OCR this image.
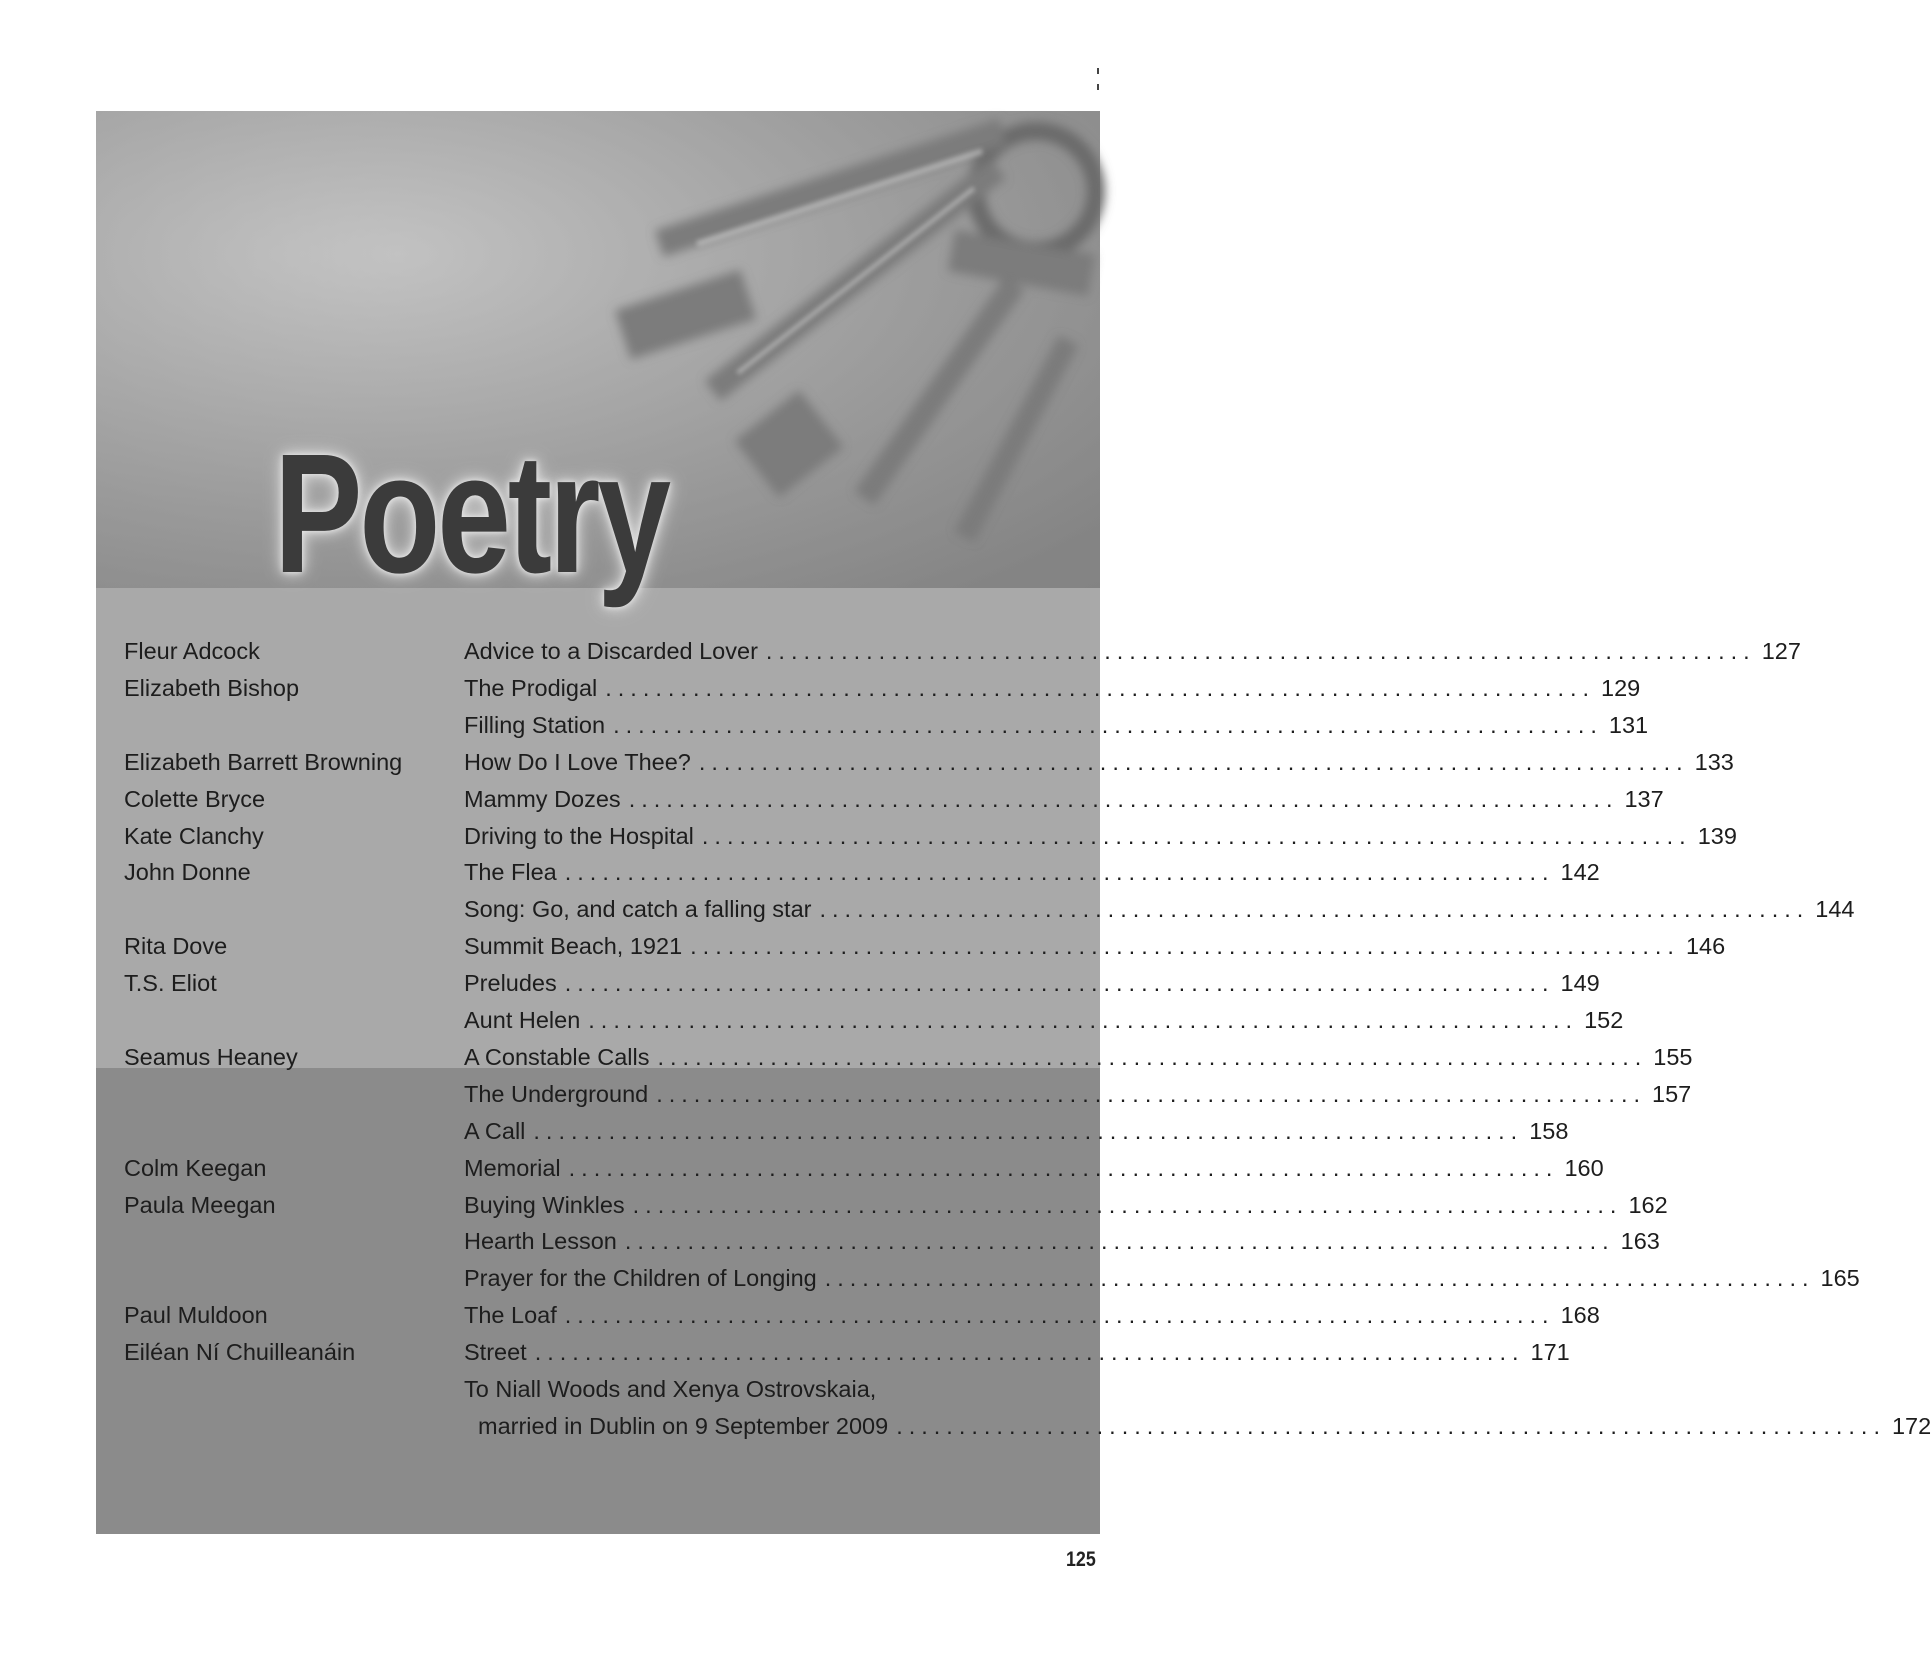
Poetry
Fleur Adcock	Advice to a Discarded Lover ............................................................................... 127
Elizabeth Bishop	The Prodigal ............................................................................... 129
Filling Station ............................................................................... 131
Elizabeth Barrett Browning	How Do I Love Thee? ............................................................................... 133
Colette Bryce	Mammy Dozes ............................................................................... 137
Kate Clanchy	Driving to the Hospital ............................................................................... 139
John Donne	The Flea ............................................................................... 142
Song: Go, and catch a falling star ............................................................................... 144
Rita Dove	Summit Beach, 1921 ............................................................................... 146
T.S. Eliot	Preludes ............................................................................... 149
Aunt Helen ............................................................................... 152
Seamus Heaney	A Constable Calls ............................................................................... 155
The Underground ............................................................................... 157
A Call ............................................................................... 158
Colm Keegan	Memorial ............................................................................... 160
Paula Meegan	Buying Winkles ............................................................................... 162
Hearth Lesson ............................................................................... 163
Prayer for the Children of Longing ............................................................................... 165
Paul Muldoon	The Loaf ............................................................................... 168
Eiléan Ní Chuilleanáin	Street ............................................................................... 171
To Niall Woods and Xenya Ostrovskaia,
married in Dublin on 9 September 2009 ............................................................................... 172
125
